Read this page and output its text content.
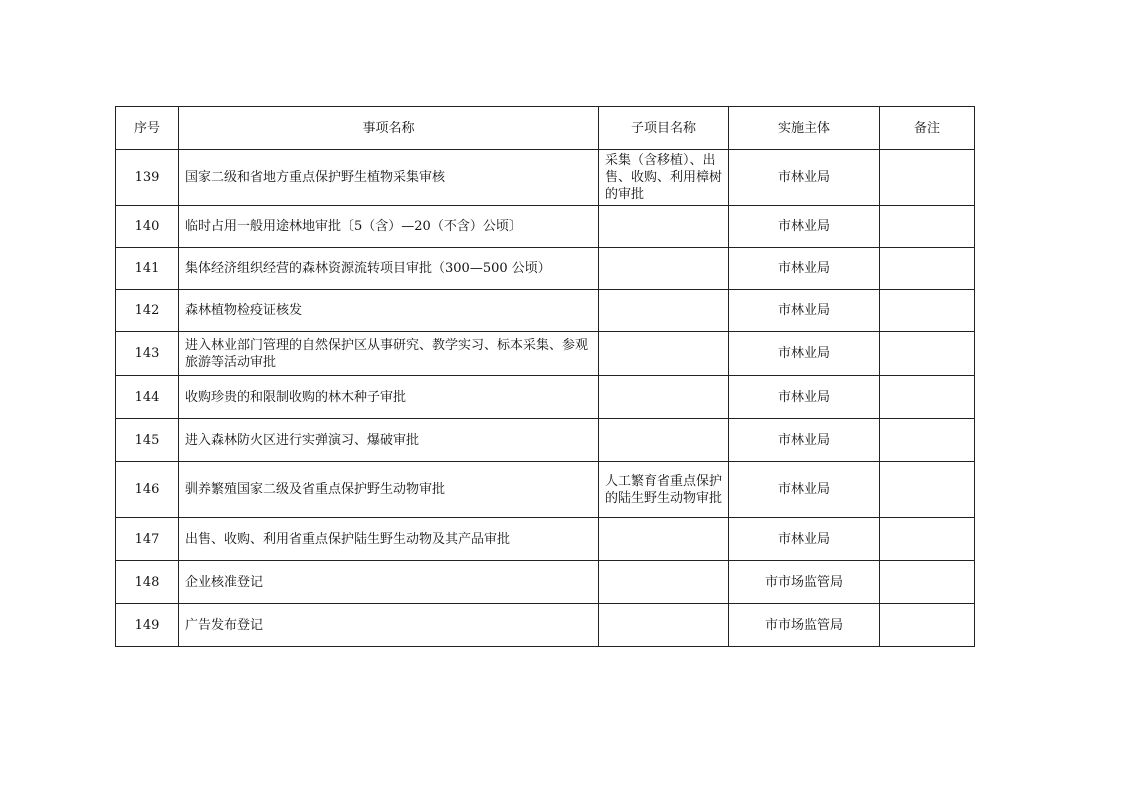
序号	事项名称	子项目名称	实施主体	备注
139	国家二级和省地方重点保护野生植物采集审核	采集（含移植）、出售、收购、利用樟树的审批	市林业局	
140	临时占用一般用途林地审批〔5（含）—20（不含）公顷〕		市林业局	
141	集体经济组织经营的森林资源流转项目审批（300—500 公顷）		市林业局	
142	森林植物检疫证核发		市林业局	
143	进入林业部门管理的自然保护区从事研究、教学实习、标本采集、参观旅游等活动审批		市林业局	
144	收购珍贵的和限制收购的林木种子审批		市林业局	
145	进入森林防火区进行实弹演习、爆破审批		市林业局	
146	驯养繁殖国家二级及省重点保护野生动物审批	人工繁育省重点保护的陆生野生动物审批	市林业局	
147	出售、收购、利用省重点保护陆生野生动物及其产品审批		市林业局	
148	企业核准登记		市市场监管局	
149	广告发布登记		市市场监管局	
